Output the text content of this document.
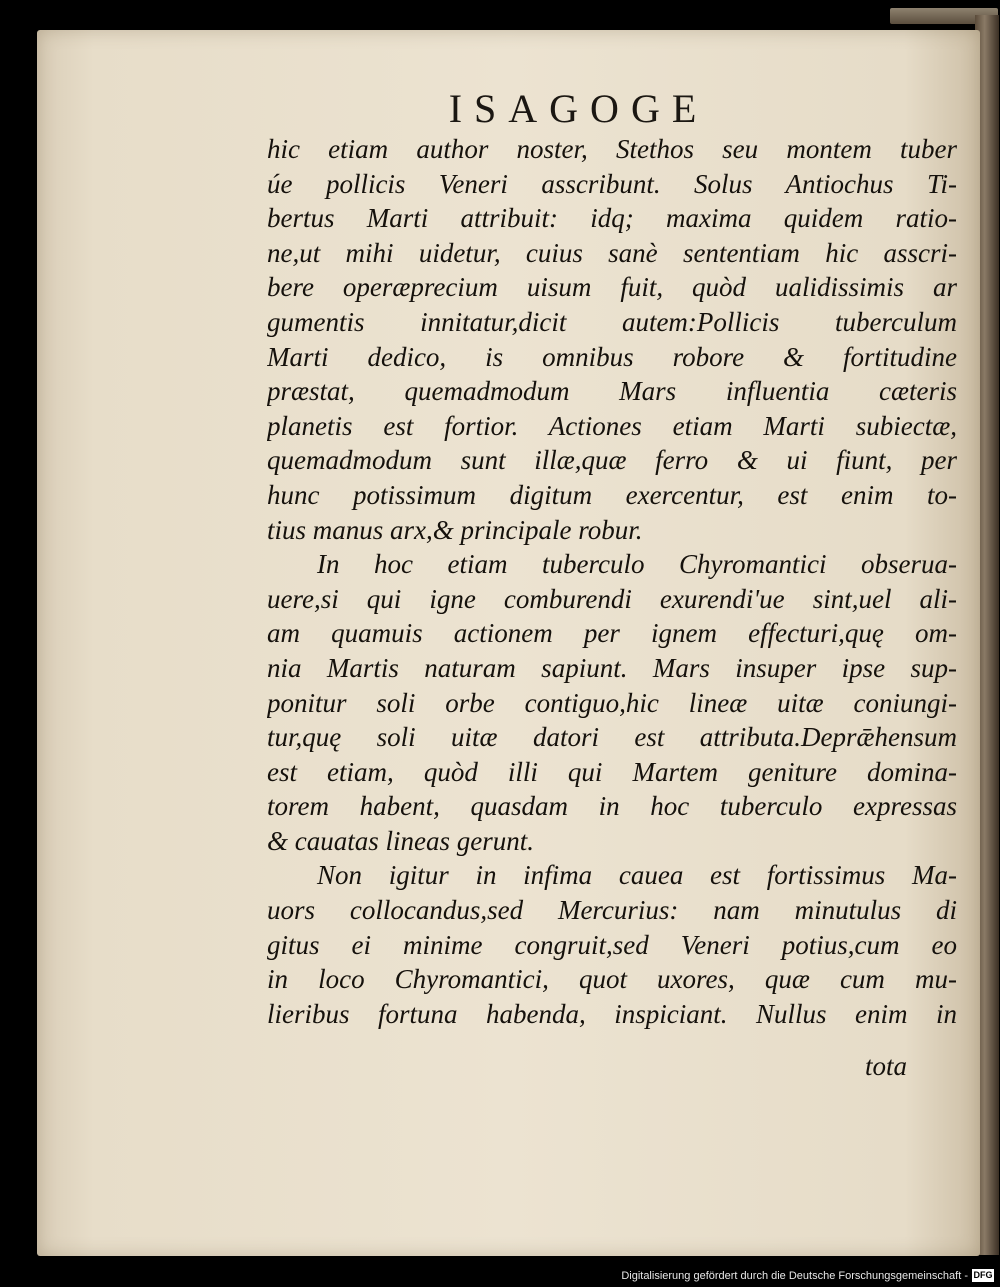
ISAGOGE
hic etiam author noster, Stethos seu montem tuber
úe pollicis Veneri asscribunt. Solus Antiochus Ti-
bertus Marti attribuit: idq; maxima quidem ratio-
ne,ut mihi uidetur, cuius sanè sententiam hic asscri-
bere operæprecium uisum fuit, quòd ualidissimis ar
gumentis innitatur,dicit autem:Pollicis tuberculum
Marti dedico, is omnibus robore & fortitudine
præstat, quemadmodum Mars influentia cæteris
planetis est fortior. Actiones etiam Marti subiectæ,
quemadmodum sunt illæ,quæ ferro & ui fiunt, per
hunc potissimum digitum exercentur, est enim to-
tius manus arx,& principale robur.
In hoc etiam tuberculo Chyromantici obserua-
uere,si qui igne comburendi exurendi'ue sint,uel ali-
am quamuis actionem per ignem effecturi,quę om-
nia Martis naturam sapiunt. Mars insuper ipse sup-
ponitur soli orbe contiguo,hic lineæ uitæ coniungi-
tur,quę soli uitæ datori est attributa.Deprǣhensum
est etiam, quòd illi qui Martem geniture domina-
torem habent, quasdam in hoc tuberculo expressas
& cauatas lineas gerunt.
Non igitur in infima cauea est fortissimus Ma-
uors collocandus,sed Mercurius: nam minutulus di
gitus ei minime congruit,sed Veneri potius,cum eo
in loco Chyromantici, quot uxores, quæ cum mu-
lieribus fortuna habenda, inspiciant. Nullus enim in
tota
Digitalisierung gefördert durch die Deutsche Forschungsgemeinschaft - DFG
